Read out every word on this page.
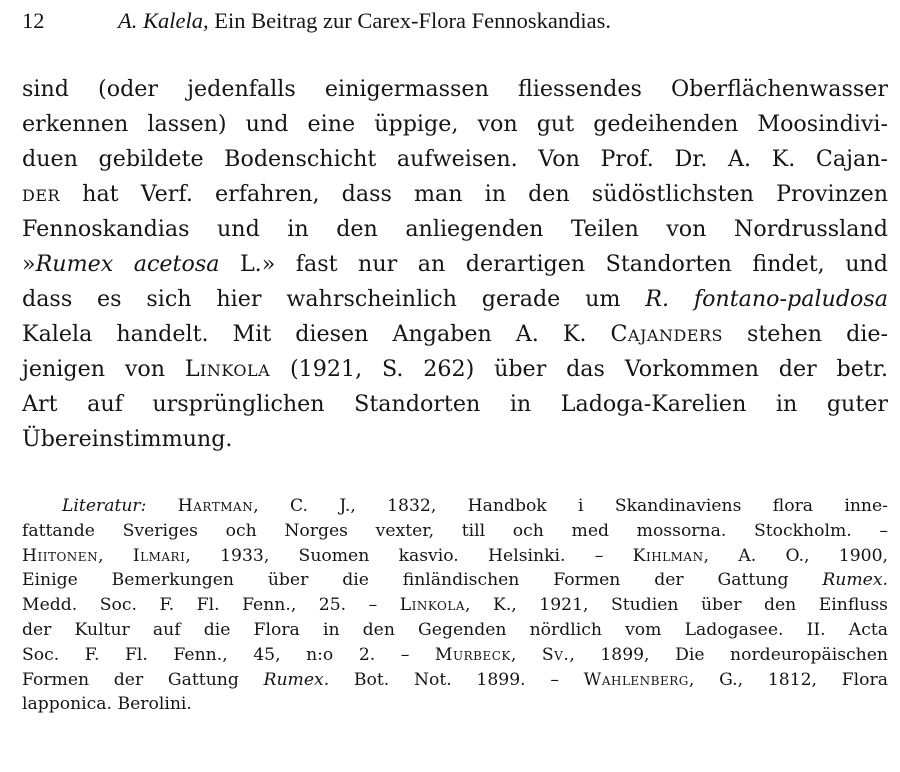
12	A. Kalela, Ein Beitrag zur Carex-Flora Fennoskandias.
sind (oder jedenfalls einigermassen fliessendes Oberflächenwasser
erkennen lassen) und eine üppige, von gut gedeihenden Moosindivi-
duen gebildete Bodenschicht aufweisen. Von Prof. Dr. A. K. Cajan-
der hat Verf. erfahren, dass man in den südöstlichsten Provinzen
Fennoskandias und in den anliegenden Teilen von Nordrussland
»Rumex acetosa L.» fast nur an derartigen Standorten findet, und
dass es sich hier wahrscheinlich gerade um R. fontano-paludosa
Kalela handelt. Mit diesen Angaben A. K. Cajanders stehen die-
jenigen von Linkola (1921, S. 262) über das Vorkommen der betr.
Art auf ursprünglichen Standorten in Ladoga-Karelien in guter
Übereinstimmung.
Literatur: Hartman, C. J., 1832, Handbok i Skandinaviens flora inne-
fattande Sveriges och Norges vexter, till och med mossorna. Stockholm. –
Hiitonen, Ilmari, 1933, Suomen kasvio. Helsinki. – Kihlman, A. O., 1900,
Einige Bemerkungen über die finländischen Formen der Gattung Rumex.
Medd. Soc. F. Fl. Fenn., 25. – Linkola, K., 1921, Studien über den Einfluss
der Kultur auf die Flora in den Gegenden nördlich vom Ladogasee. II. Acta
Soc. F. Fl. Fenn., 45, n:o 2. – Murbeck, Sv., 1899, Die nordeuropäischen
Formen der Gattung Rumex. Bot. Not. 1899. – Wahlenberg, G., 1812, Flora
lapponica. Berolini.
